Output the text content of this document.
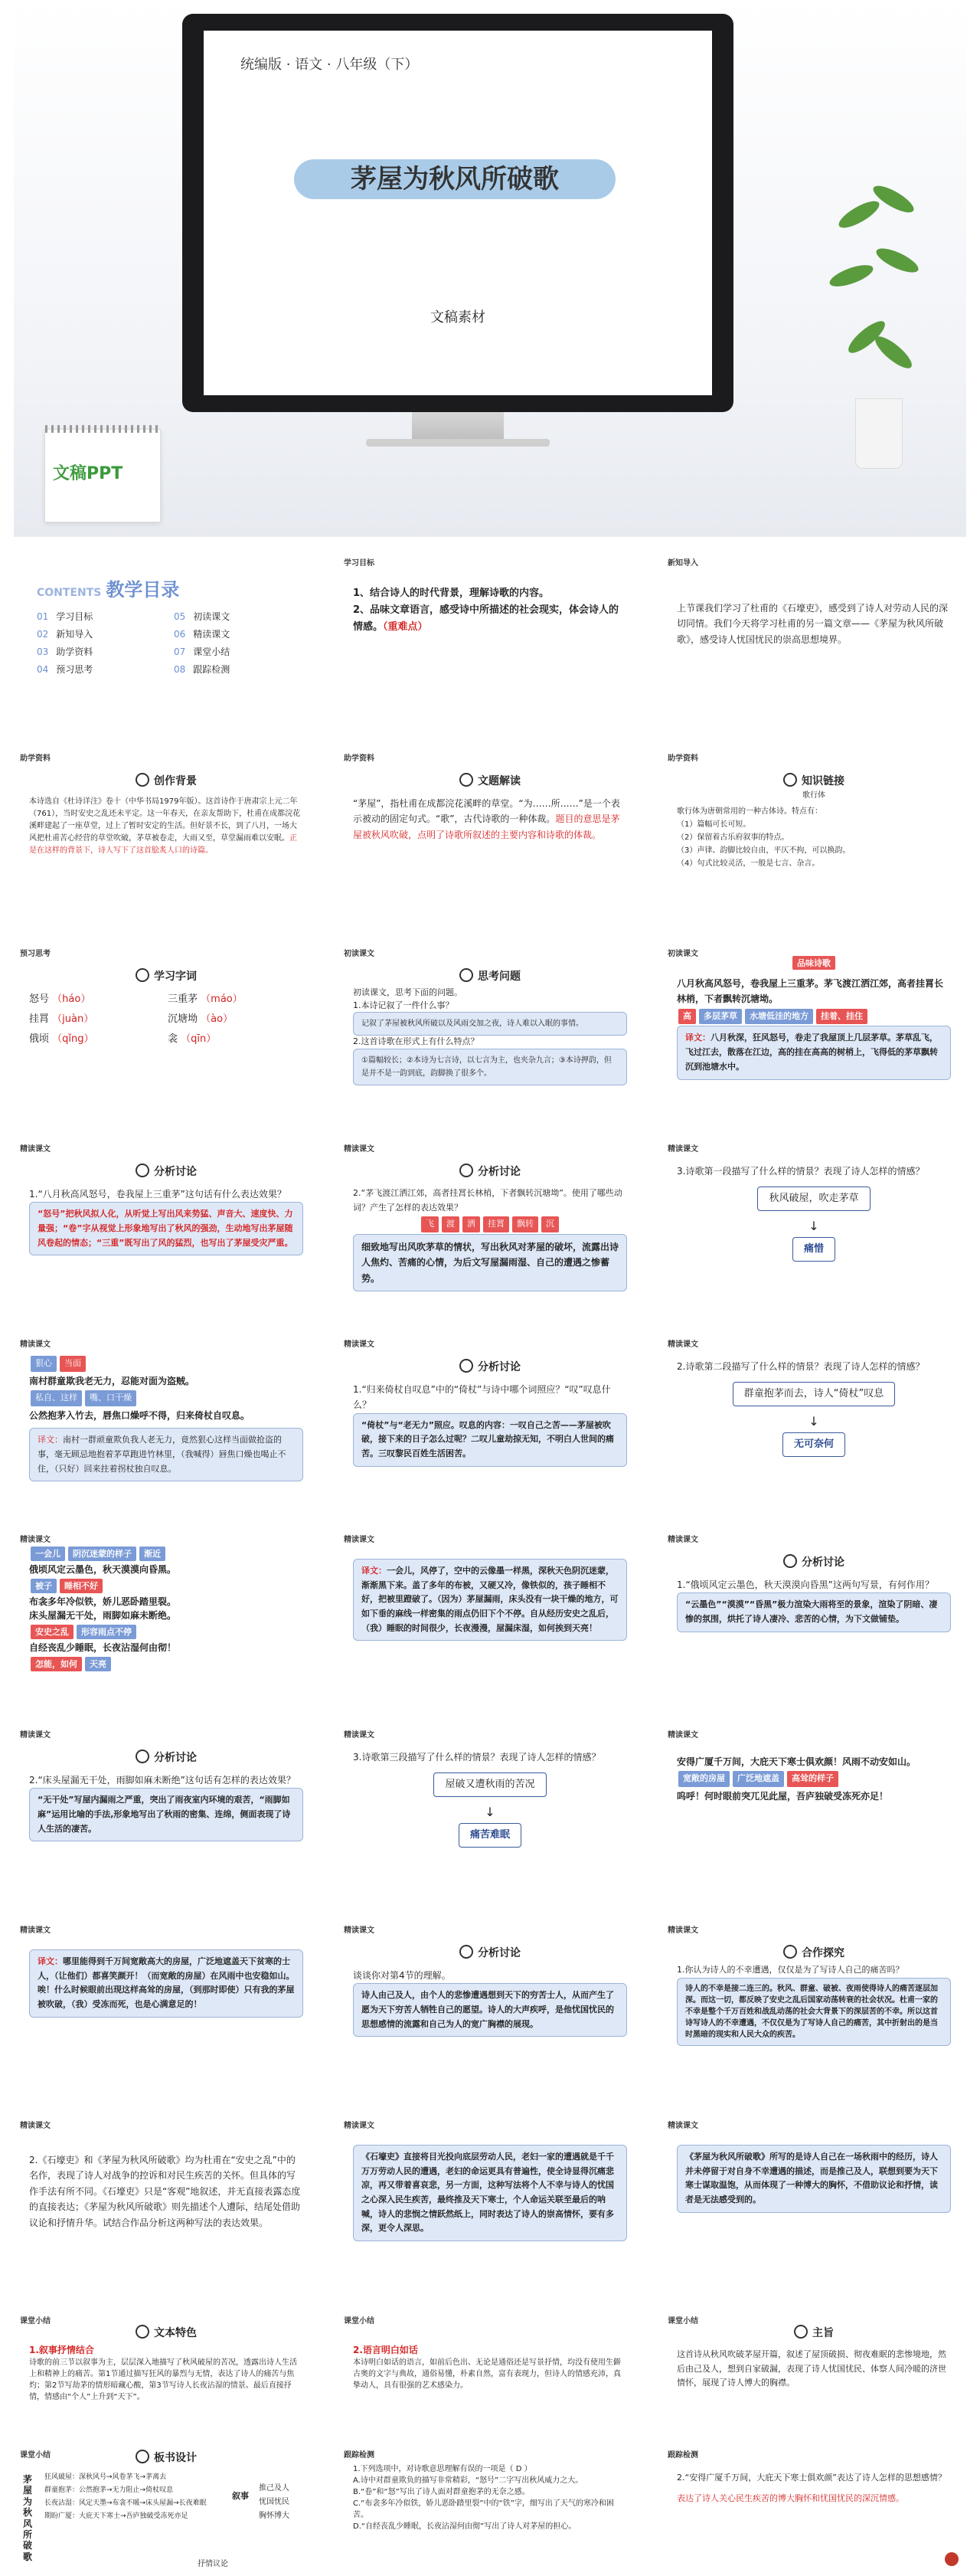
统编版 · 语文 · 八年级（下）
茅屋为秋风所破歌
文稿素材
文稿PPT
CONTENTS 教学目录
01 学习目标	05 初读课文
02 新知导入	06 精读课文
03 助学资料	07 课堂小结
04 预习思考	08 跟踪检测
学习目标
1、结合诗人的时代背景，理解诗歌的内容。
2、品味文章语言，感受诗中所描述的社会现实，体会诗人的情感。（重难点）
新知导入
上节课我们学习了杜甫的《石壕吏》，感受到了诗人对劳动人民的深切同情。我们今天将学习杜甫的另一篇文章——《茅屋为秋风所破歌》，感受诗人忧国忧民的崇高思想境界。
助学资料
创作背景
本诗选自《杜诗详注》卷十（中华书局1979年版）。这首诗作于唐肃宗上元二年（761），当时安史之乱还未平定。这一年春天，在亲友帮助下，杜甫在成都浣花溪畔建起了一座草堂，过上了暂时安定的生活。但好景不长，到了八月，一场大风把杜甫苦心经营的草堂吹破，茅草被卷走，大雨又至，草堂漏雨难以安眠。正是在这样的背景下，诗人写下了这首脍炙人口的诗篇。
助学资料
文题解读
“茅屋”，指杜甫在成都浣花溪畔的草堂。“为……所……”是一个表示被动的固定句式。“歌”，古代诗歌的一种体裁。题目的意思是茅屋被秋风吹破，点明了诗歌所叙述的主要内容和诗歌的体裁。
助学资料
知识链接
歌行体
歌行体为唐朝常用的一种古体诗。特点有：
（1）篇幅可长可短。
（2）保留着古乐府叙事的特点。
（3）声律、韵脚比较自由，平仄不拘，可以换韵。
（4）句式比较灵活，一般是七言、杂言。
预习思考
学习字词
怒号 （háo）	三重茅 （máo）
挂罥 （juàn）	沉塘坳 （ào）
俄顷 （qǐng）	衾 （qīn）
初读课文
思考问题
初读课文，思考下面的问题。
1.本诗记叙了一件什么事？
记叙了茅屋被秋风所破以及风雨交加之夜，诗人难以入眠的事情。
2.这首诗歌在形式上有什么特点？
①篇幅较长；②本诗为七言诗，以七言为主，也夹杂九言；③本诗押韵，但是并不是一韵到底，韵脚换了很多个。
初读课文
品味诗歌
八月秋高风怒号，卷我屋上三重茅。茅飞渡江洒江郊，高者挂罥长林梢，下者飘转沉塘坳。
高 多层茅草 水塘低洼的地方 挂着、挂住
译文：八月秋深，狂风怒号，卷走了我屋顶上几层茅草。茅草乱飞，飞过江去，散落在江边，高的挂在高高的树梢上，飞得低的茅草飘转沉到池塘水中。
精读课文
分析讨论
1.“八月秋高风怒号，卷我屋上三重茅”这句话有什么表达效果？
“怒号”把秋风拟人化，从听觉上写出风来势猛、声音大、速度快、力量强；“卷”字从视觉上形象地写出了秋风的强劲，生动地写出茅屋随风卷起的情态；“三重”既写出了风的猛烈，也写出了茅屋受灾严重。
精读课文
分析讨论
2.“茅飞渡江洒江郊，高者挂罥长林梢，下者飘转沉塘坳”。使用了哪些动词？产生了怎样的表达效果？
飞 渡 洒 挂罥 飘转 沉
细致地写出风吹茅草的情状，写出秋风对茅屋的破坏，流露出诗人焦灼、苦痛的心情，为后文写屋漏雨湿、自己的遭遇之惨蓄势。
精读课文
3.诗歌第一段描写了什么样的情景？表现了诗人怎样的情感？
秋风破屋，吹走茅草
↓
痛惜
精读课文
狠心 当面
南村群童欺我老无力，忍能对面为盗贼。
私自、这样 嘴、口干燥
公然抱茅入竹去，唇焦口燥呼不得，归来倚杖自叹息。
译文：南村一群顽童欺负我人老无力，竟然狠心这样当面做抢盗的事，毫无顾忌地抱着茅草跑进竹林里，（我喊得）唇焦口燥也喝止不住，（只好）回来拄着拐杖独自叹息。
精读课文
分析讨论
1.“归来倚杖自叹息”中的“倚杖”与诗中哪个词照应？“叹”叹息什么？
“倚杖”与“老无力”照应。叹息的内容：一叹自己之苦——茅屋被吹破，接下来的日子怎么过呢？二叹儿童劫掠无知，不明白人世间的痛苦。三叹黎民百姓生活困苦。
精读课文
2.诗歌第二段描写了什么样的情景？表现了诗人怎样的情感？
群童抱茅而去，诗人“倚杖”叹息
↓
无可奈何
精读课文
一会儿 阴沉迷蒙的样子 渐近
俄顷风定云墨色，秋天漠漠向昏黑。
被子 睡相不好
布衾多年冷似铁，娇儿恶卧踏里裂。
床头屋漏无干处，雨脚如麻未断绝。
安史之乱 形容雨点不停
自经丧乱少睡眠，长夜沾湿何由彻！
怎能，如何 天亮
精读课文
译文：一会儿，风停了，空中的云像墨一样黑，深秋天色阴沉迷蒙，渐渐黑下来。盖了多年的布被，又硬又冷，像铁似的，孩子睡相不好，把被里蹬破了。（因为）茅屋漏雨，床头没有一块干燥的地方，可如下垂的麻线一样密集的雨点仍旧下个不停。自从经历安史之乱后，（我）睡眠的时间很少，长夜漫漫，屋漏床湿，如何挨到天亮！
精读课文
分析讨论
1.“俄顷风定云墨色，秋天漠漠向昏黑”这两句写景，有何作用？
“云墨色”“漠漠”“昏黑”极力渲染大雨将至的景象，渲染了阴暗、凄惨的氛围，烘托了诗人凄冷、悲苦的心情，为下文做铺垫。
精读课文
分析讨论
2.“床头屋漏无干处，雨脚如麻未断绝”这句话有怎样的表达效果？
“无干处”写屋内漏雨之严重，突出了雨夜室内环境的艰苦，“雨脚如麻”运用比喻的手法,形象地写出了秋雨的密集、连绵，侧面表现了诗人生活的凄苦。
精读课文
3.诗歌第三段描写了什么样的情景？表现了诗人怎样的情感？
屋破又遭秋雨的苦况
↓
痛苦难眠
精读课文
安得广厦千万间，大庇天下寒士俱欢颜！风雨不动安如山。
宽敞的房屋 广泛地遮盖 高耸的样子
呜呼！何时眼前突兀见此屋，吾庐独破受冻死亦足！
精读课文
译文：哪里能得到千万间宽敞高大的房屋，广泛地遮盖天下贫寒的士人，（让他们）都喜笑颜开！（而宽敞的房屋）在风雨中也安稳如山。唉！什么时候眼前出现这样高耸的房屋，（到那时即使）只有我的茅屋被吹破，（我）受冻而死，也是心满意足的！
精读课文
分析讨论
谈谈你对第4节的理解。
诗人由己及人，由个人的悲惨遭遇想到天下的穷苦士人，从而产生了愿为天下穷苦人牺牲自己的愿望。诗人的大声疾呼，是他忧国忧民的思想感情的流露和自己为人的宽广胸襟的展现。
精读课文
合作探究
1.你认为诗人的不幸遭遇，仅仅是为了写诗人自己的痛苦吗？
诗人的不幸是接二连三的。秋风、群童、破被、夜雨使得诗人的痛苦逐层加深。而这一切，都反映了安史之乱后国家动荡转衰的社会状况。杜甫一家的不幸是整个千万百姓和战乱动荡的社会大背景下的深层苦的不幸。所以这首诗写诗人的不幸遭遇，不仅仅是为了写诗人自己的痛苦，其中折射出的是当时黑暗的现实和人民大众的疾苦。
精读课文
2.《石壕吏》和《茅屋为秋风所破歌》均为杜甫在“安史之乱”中的名作，表现了诗人对战争的控诉和对民生疾苦的关怀。但具体的写作手法有所不同。《石壕吏》只是“客观”地叙述，并无直接表露态度的直接表达；《茅屋为秋风所破歌》则先描述个人遭际，结尾处借助议论和抒情升华。试结合作品分析这两种写法的表达效果。
精读课文
《石壕吏》直接将目光投向底层劳动人民，老妇一家的遭遇就是千千万万劳动人民的遭遇，老妇的命运更具有普遍性，使全诗显得沉痛悲凉，再又带着喜哀悲，另一方面，这种写法将个人不幸与诗人的忧国之心深入民生疾苦，最终推及天下寒士，个人命运关联至最后的呐喊，诗人的悲悯之情跃然纸上，同时表达了诗人的崇高情怀，要有多深，更令人深思。
精读课文
《茅屋为秋风所破歌》所写的是诗人自己在一场秋雨中的经历，诗人并未停留于对自身不幸遭遇的描述，而是推己及人，联想到要为天下寒士谋取温饱，从而体现了一种博大的胸怀，不借助议论和抒情，读者是无法感受到的。
课堂小结
文本特色
1.叙事抒情结合
诗歌的前三节以叙事为主，层层深入地描写了秋风破屋的苦况，透露出诗人生活上和精神上的痛苦。第1节通过描写狂风的暴烈与无情，表达了诗人的痛苦与焦灼；第2节写劫茅的情形暗藏心酸，第3节写诗人长夜沾湿的情景。最后直接抒情，情感由“个人”上升到“天下”。
课堂小结
2.语言明白如话
本诗明白如话的语言，如前后色出、无论是通俗还是写景抒情，均没有使用生僻古奥的文字与典故，通俗易懂，朴素自然，富有表现力，但诗人的情感充沛，真挚动人，具有很强的艺术感染力。
课堂小结
主旨
这首诗从秋风吹破茅屋开篇，叙述了屋顶破损、彻夜难眠的悲惨境地，然后由己及人，想到自家破漏，表现了诗人忧国忧民、体察人间冷暖的济世情怀，展现了诗人博大的胸襟。
课堂小结	板书设计
茅屋为秋风所破歌
狂风破屋：深秋风号→风卷茅飞→茅离去
群童抱茅：公然抱茅→无力阻止→倚杖叹息
长夜沾湿：风定天墨→布衾不暖→床头屋漏→长夜难眠
期盼广厦：大庇天下寒士→吾庐独破受冻死亦足
叙事
推己及人
忧国忧民
胸怀博大
抒情议论
跟踪检测
1.下列选项中，对诗歌意思理解有误的一项是（ D ）
A.诗中对群童欺负的描写非常精彩，“怒号”二字写出秋风威力之大。
B.“卷”和“怒”写出了诗人面对群童抱茅的无奈之感。
C.“布衾多年冷似铁，娇儿恶卧踏里裂”中的“铁”字，细写出了天气的寒冷和困苦。
D.“自经丧乱少睡眠，长夜沾湿何由彻”写出了诗人对茅屋的担心。
跟踪检测
2.“安得广厦千万间，大庇天下寒士俱欢颜”表达了诗人怎样的思想感情？
表达了诗人关心民生疾苦的博大胸怀和忧国忧民的深沉情感。
